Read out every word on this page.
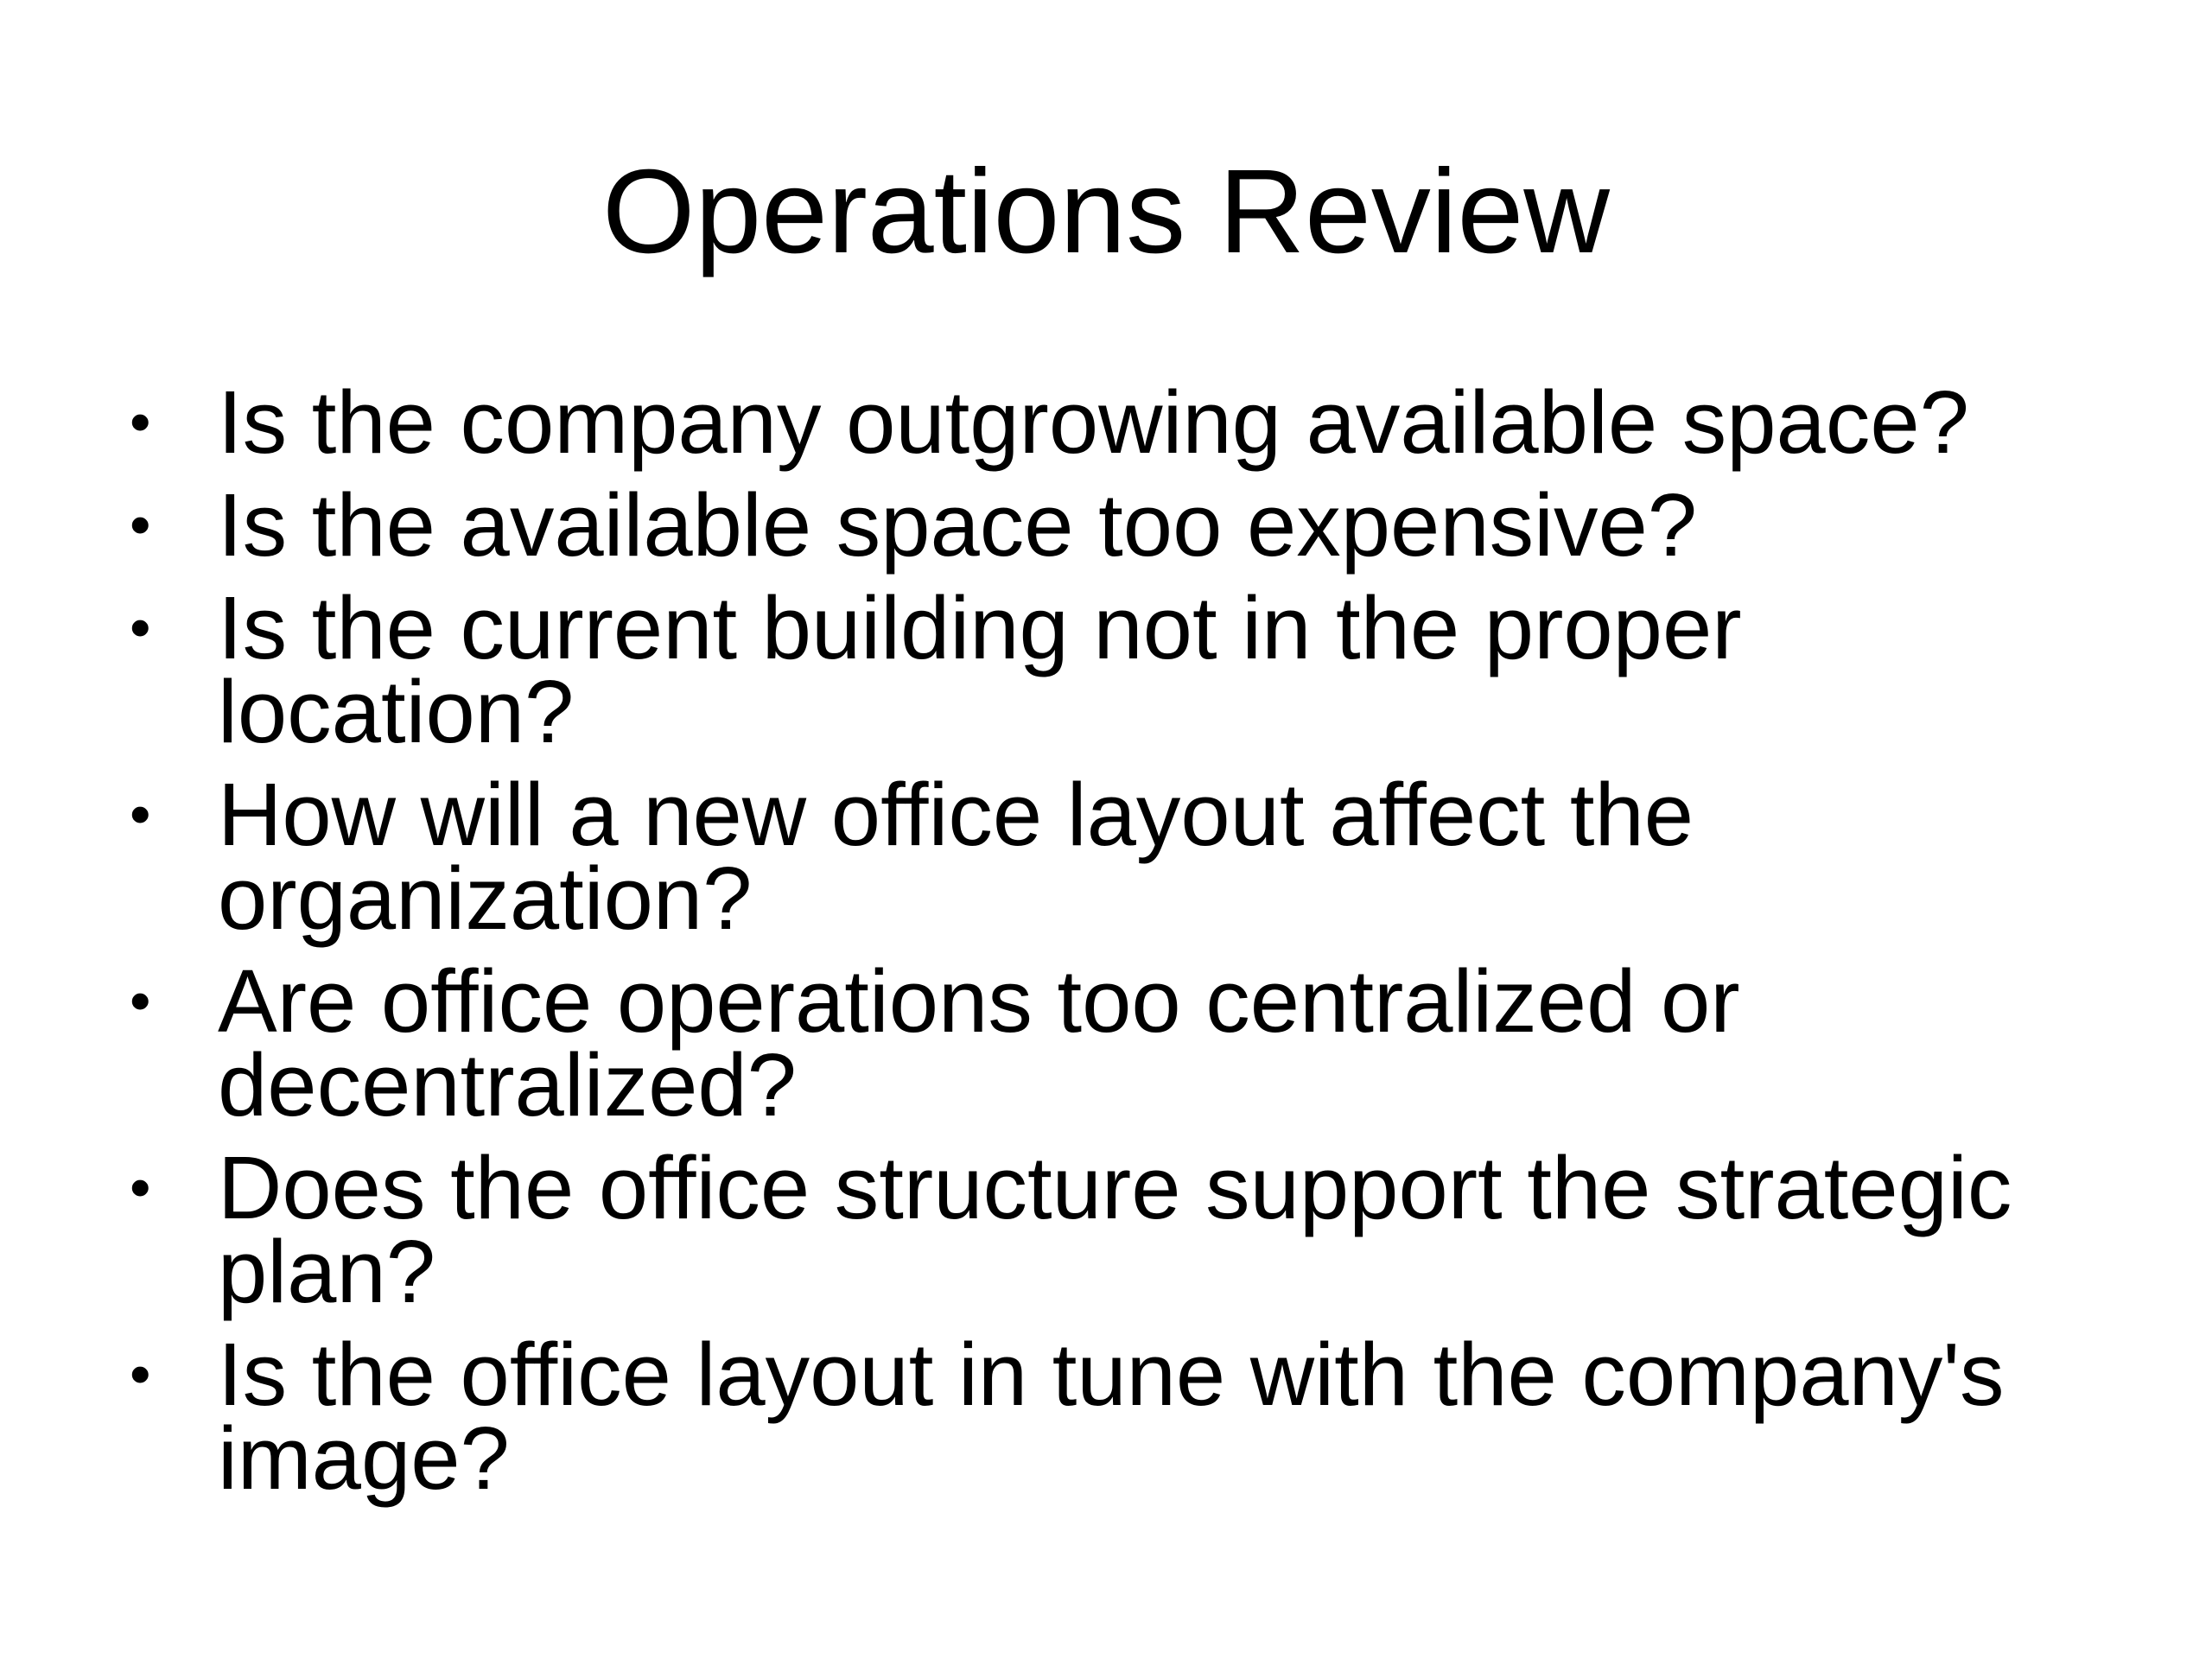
Operations Review
• Is the company outgrowing available space?
• Is the available space too expensive?
• Is the current building not in the proper location?
• How will a new office layout affect the organization?
• Are office operations too centralized or decentralized?
• Does the office structure support the strategic plan?
• Is the office layout in tune with the company's image?
